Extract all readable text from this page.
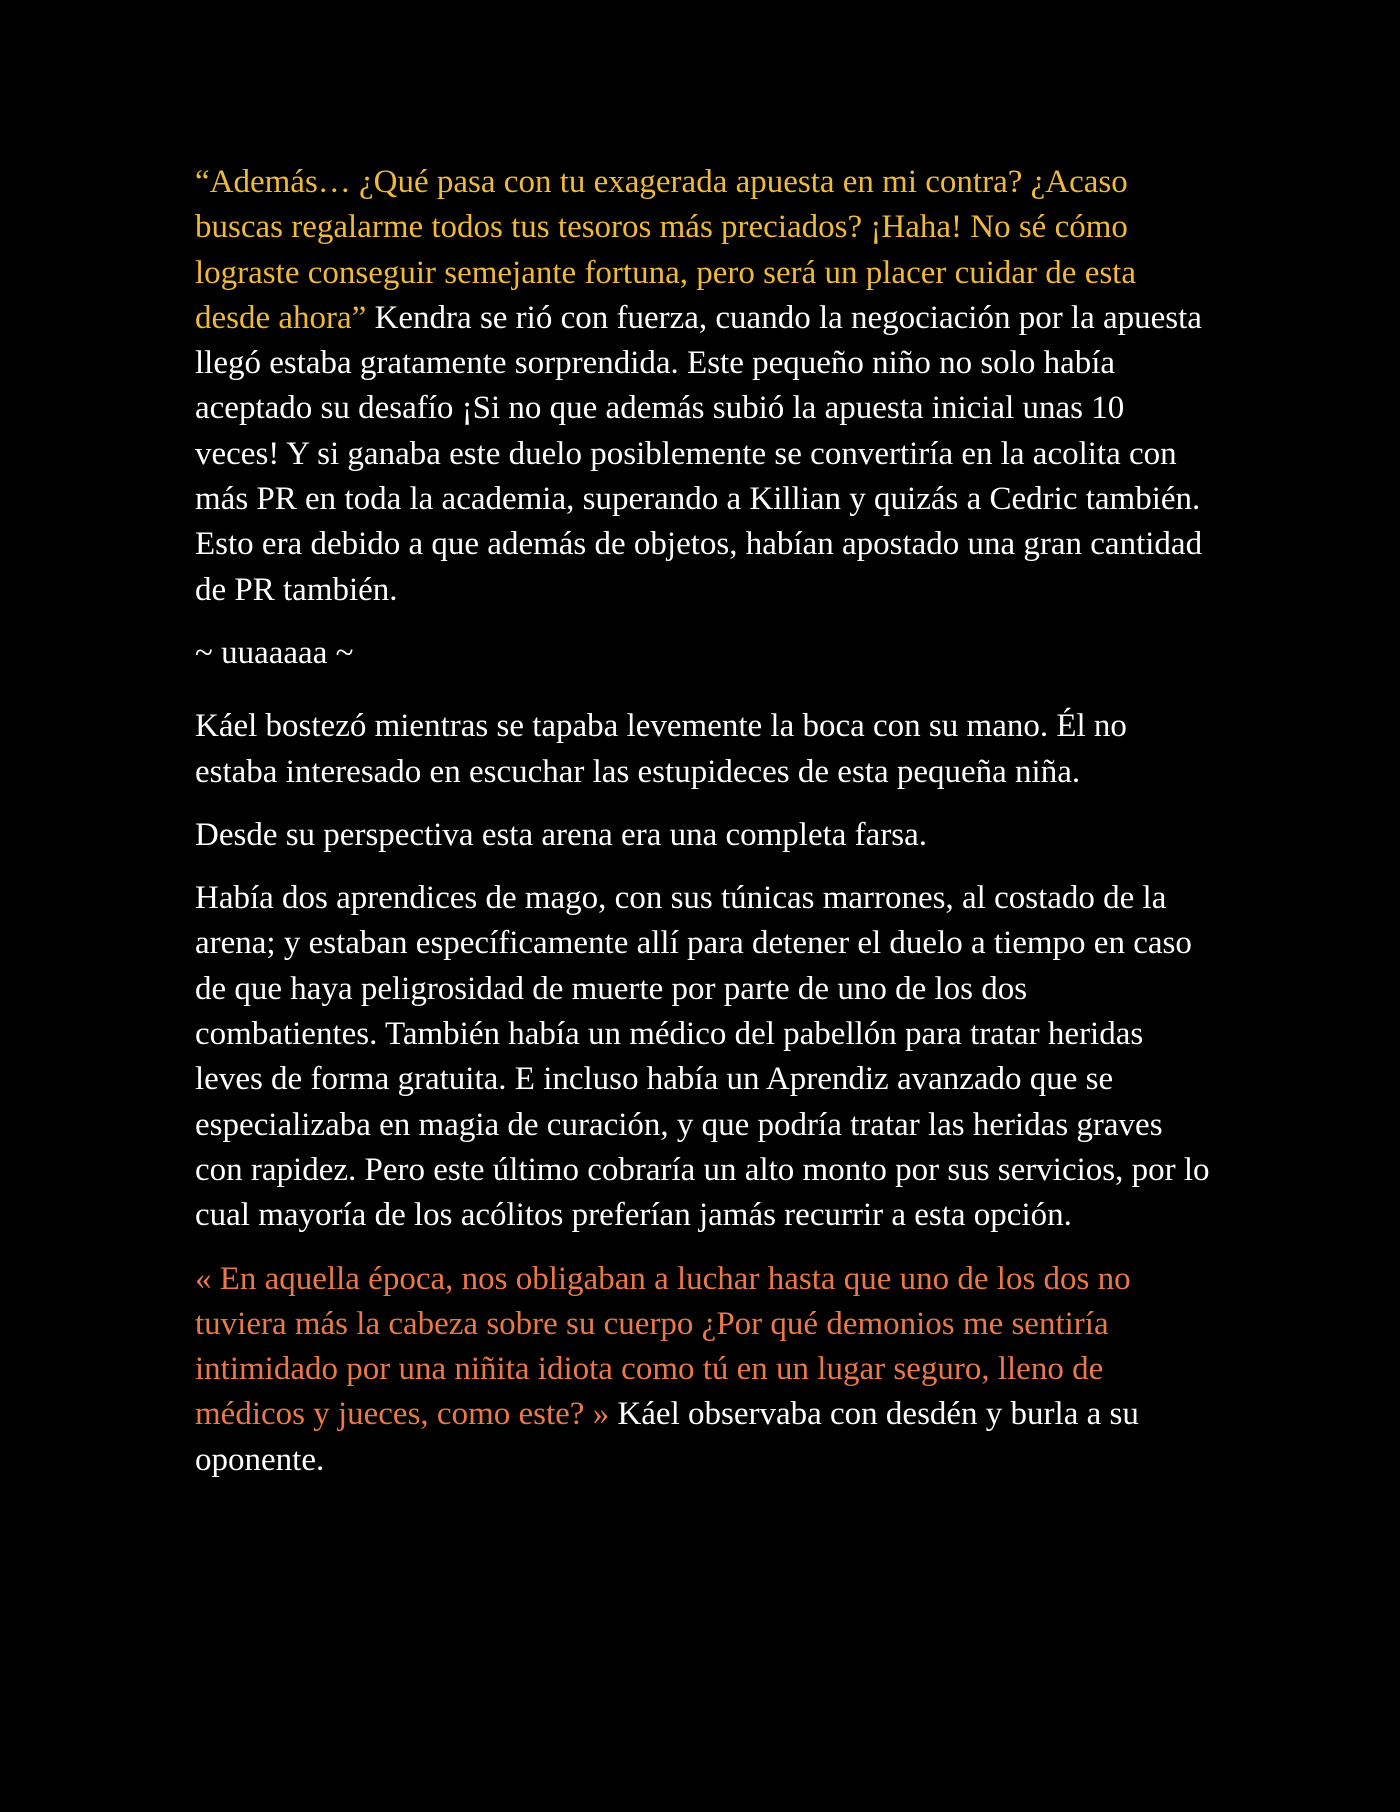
“Además… ¿Qué pasa con tu exagerada apuesta en mi contra? ¿Acaso buscas regalarme todos tus tesoros más preciados? ¡Haha! No sé cómo lograste conseguir semejante fortuna, pero será un placer cuidar de esta desde ahora” Kendra se rió con fuerza, cuando la negociación por la apuesta llegó estaba gratamente sorprendida. Este pequeño niño no solo había aceptado su desafío ¡Si no que además subió la apuesta inicial unas 10 veces! Y si ganaba este duelo posiblemente se convertiría en la acolita con más PR en toda la academia, superando a Killian y quizás a Cedric también. Esto era debido a que además de objetos, habían apostado una gran cantidad de PR también.

~ uuaaaaa ~

Káel bostezó mientras se tapaba levemente la boca con su mano. Él no estaba interesado en escuchar las estupideces de esta pequeña niña.

Desde su perspectiva esta arena era una completa farsa.

Había dos aprendices de mago, con sus túnicas marrones, al costado de la arena; y estaban específicamente allí para detener el duelo a tiempo en caso de que haya peligrosidad de muerte por parte de uno de los dos combatientes. También había un médico del pabellón para tratar heridas leves de forma gratuita. E incluso había un Aprendiz avanzado que se especializaba en magia de curación, y que podría tratar las heridas graves con rapidez. Pero este último cobraría un alto monto por sus servicios, por lo cual mayoría de los acólitos preferían jamás recurrir a esta opción.

« En aquella época, nos obligaban a luchar hasta que uno de los dos no tuviera más la cabeza sobre su cuerpo ¿Por qué demonios me sentiría intimidado por una niñita idiota como tú en un lugar seguro, lleno de médicos y jueces, como este? » Káel observaba con desdén y burla a su oponente.
